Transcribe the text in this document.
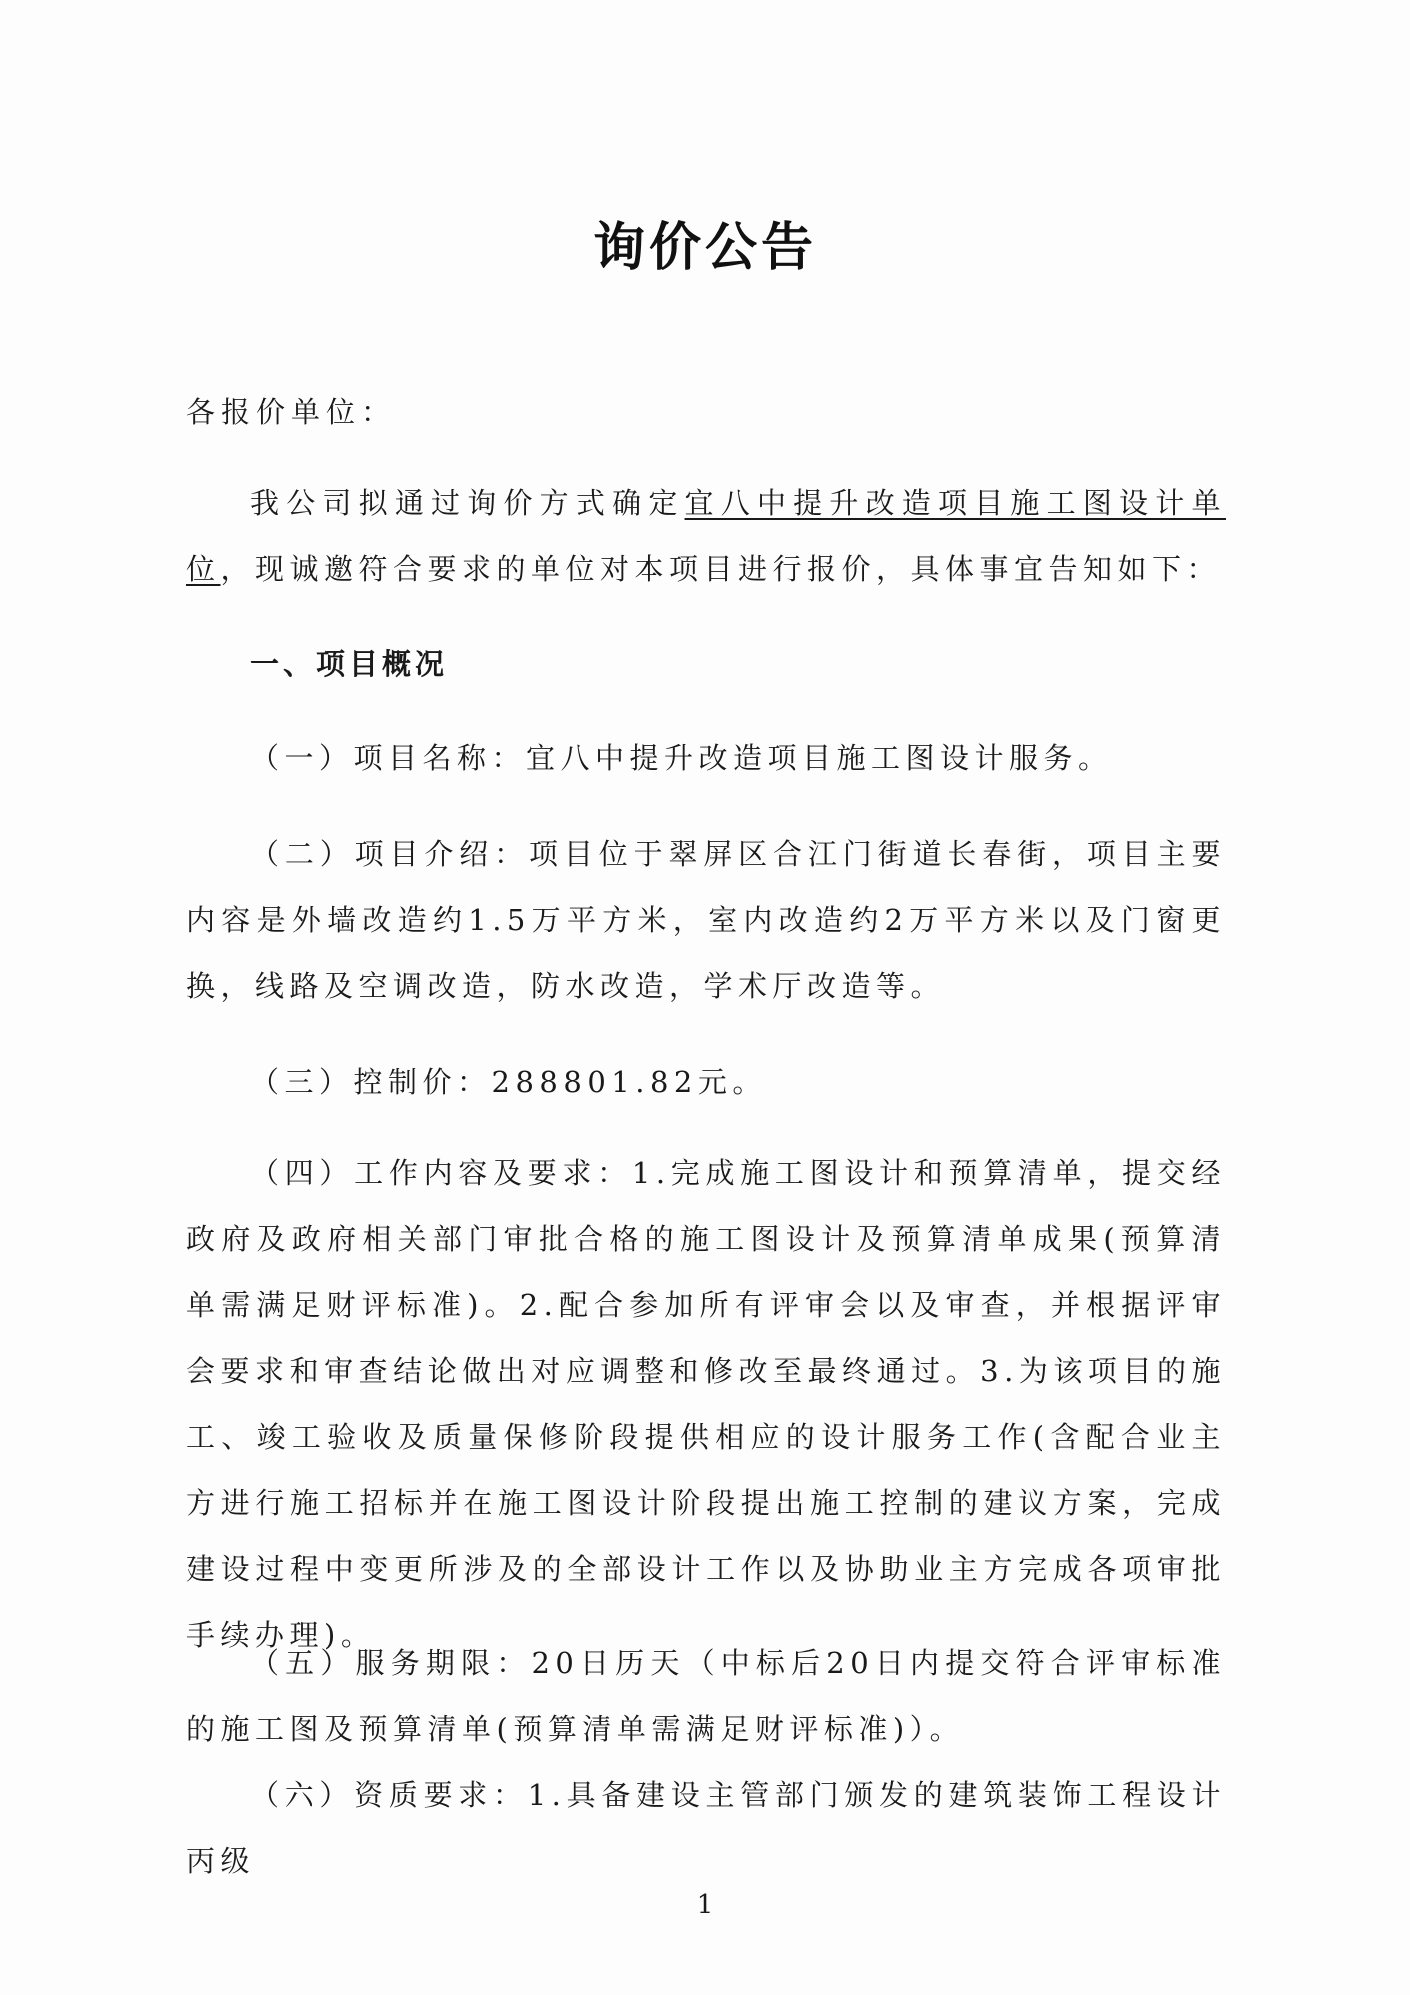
询价公告
各报价单位：
我公司拟通过询价方式确定宜八中提升改造项目施工图设计单位，现诚邀符合要求的单位对本项目进行报价，具体事宜告知如下：
一、项目概况
（一）项目名称：宜八中提升改造项目施工图设计服务。
（二）项目介绍：项目位于翠屏区合江门街道长春街，项目主要内容是外墙改造约1.5万平方米，室内改造约2万平方米以及门窗更换，线路及空调改造，防水改造，学术厅改造等。
（三）控制价：288801.82元。
（四）工作内容及要求：1.完成施工图设计和预算清单，提交经政府及政府相关部门审批合格的施工图设计及预算清单成果(预算清单需满足财评标准)。2.配合参加所有评审会以及审查，并根据评审会要求和审查结论做出对应调整和修改至最终通过。3.为该项目的施工、竣工验收及质量保修阶段提供相应的设计服务工作(含配合业主方进行施工招标并在施工图设计阶段提出施工控制的建议方案，完成建设过程中变更所涉及的全部设计工作以及协助业主方完成各项审批手续办理)。
（五）服务期限：20日历天（中标后20日内提交符合评审标准的施工图及预算清单(预算清单需满足财评标准)）。
（六）资质要求：1.具备建设主管部门颁发的建筑装饰工程设计丙级
1
